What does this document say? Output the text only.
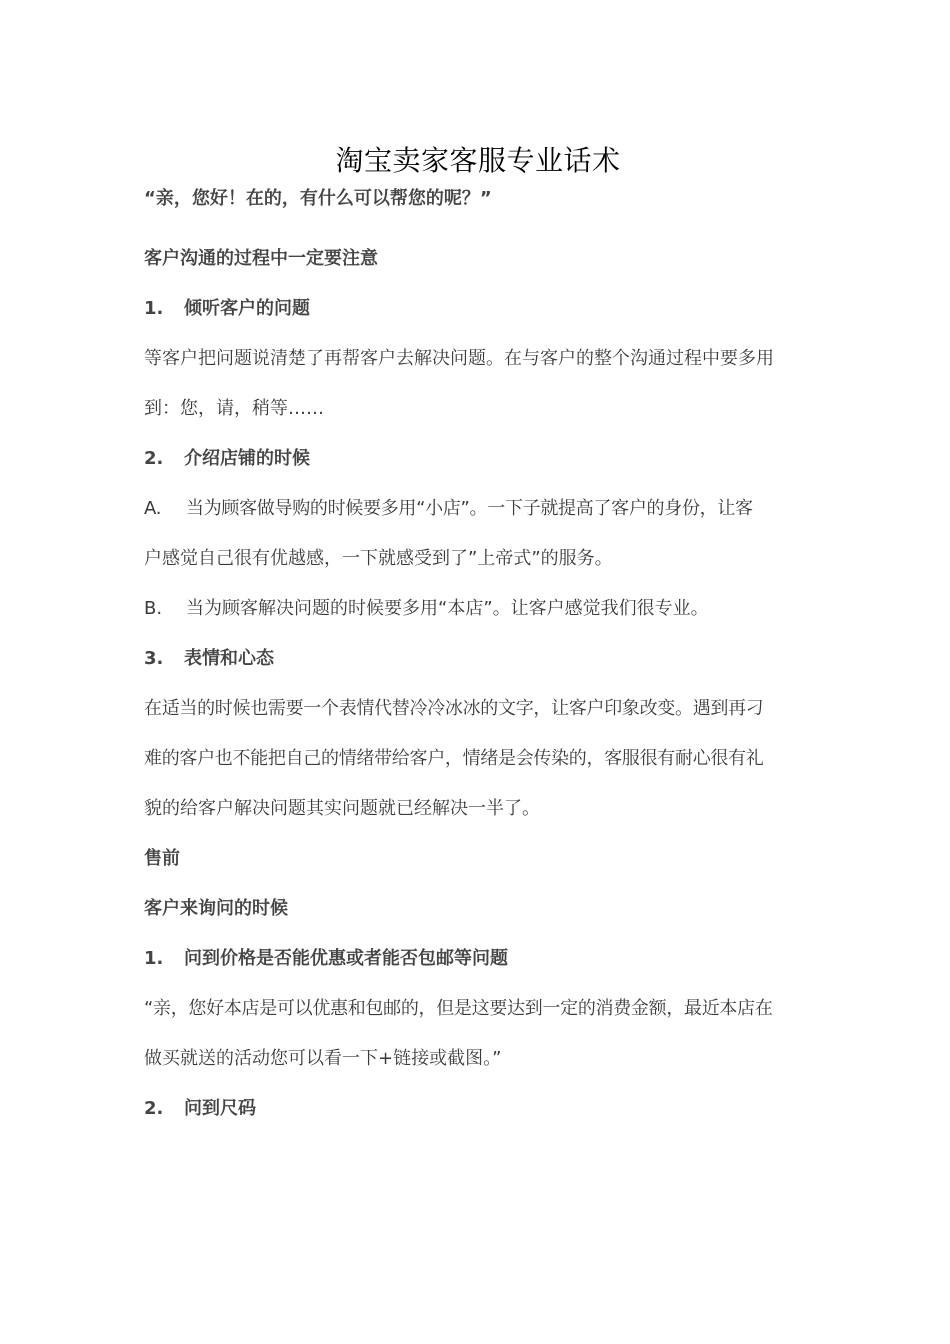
淘宝卖家客服专业话术
“亲，您好！在的，有什么可以帮您的呢？”
客户沟通的过程中一定要注意
1. 倾听客户的问题
等客户把问题说清楚了再帮客户去解决问题。在与客户的整个沟通过程中要多用
到：您，请，稍等……
2. 介绍店铺的时候
A. 当为顾客做导购的时候要多用“小店”。一下子就提高了客户的身份，让客
户感觉自己很有优越感，一下就感受到了”上帝式”的服务。
B. 当为顾客解决问题的时候要多用“本店”。让客户感觉我们很专业。
3. 表情和心态
在适当的时候也需要一个表情代替冷冷冰冰的文字，让客户印象改变。遇到再刁
难的客户也不能把自己的情绪带给客户，情绪是会传染的，客服很有耐心很有礼
貌的给客户解决问题其实问题就已经解决一半了。
售前
客户来询问的时候
1. 问到价格是否能优惠或者能否包邮等问题
“亲，您好本店是可以优惠和包邮的，但是这要达到一定的消费金额，最近本店在
做买就送的活动您可以看一下+链接或截图。”
2. 问到尺码
